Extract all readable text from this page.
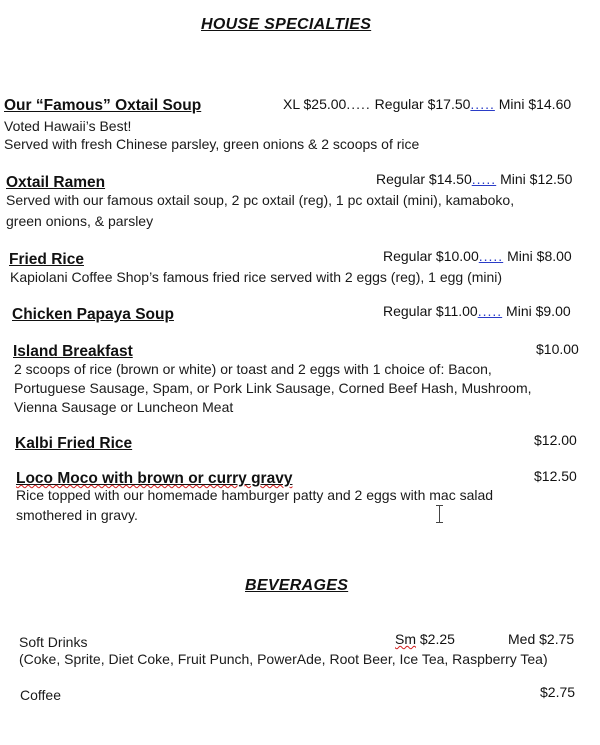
HOUSE SPECIALTIES
Our “Famous” Oxtail Soup	XL $25.00..... Regular $17.50..... Mini $14.60
Voted Hawaii’s Best!
Served with fresh Chinese parsley, green onions & 2 scoops of rice
Oxtail Ramen	Regular $14.50..... Mini $12.50
Served with our famous oxtail soup, 2 pc oxtail (reg), 1 pc oxtail (mini), kamaboko,
green onions, & parsley
Fried Rice	Regular $10.00..... Mini $8.00
Kapiolani Coffee Shop’s famous fried rice served with 2 eggs (reg), 1 egg (mini)
Chicken Papaya Soup	Regular $11.00..... Mini $9.00
Island Breakfast	$10.00
2 scoops of rice (brown or white) or toast and 2 eggs with 1 choice of: Bacon,
Portuguese Sausage, Spam, or Pork Link Sausage, Corned Beef Hash, Mushroom,
Vienna Sausage or Luncheon Meat
Kalbi Fried Rice	$12.00
Loco Moco with brown or curry gravy	$12.50
Rice topped with our homemade hamburger patty and 2 eggs with mac salad
smothered in gravy.
BEVERAGES
Soft Drinks	Sm $2.25	Med $2.75
(Coke, Sprite, Diet Coke, Fruit Punch, PowerAde, Root Beer, Ice Tea, Raspberry Tea)
Coffee	$2.75
